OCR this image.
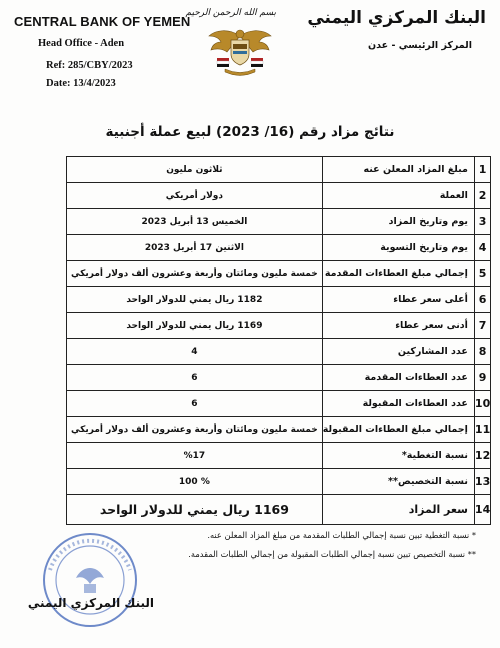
CENTRAL BANK OF YEMEN
Head Office - Aden
Ref: 285/CBY/2023
Date: 13/4/2023
البنك المركزي اليمني
المركز الرئيسي - عدن
بسم الله الرحمن الرحيم
نتائج مزاد رقم (16/ 2023) لبيع عملة أجنبية
1	مبلغ المزاد المعلن عنه	ثلاثون مليون
2	العملة	دولار أمريكي
3	يوم وتاريخ المزاد	الخميس 13 أبريل 2023
4	يوم وتاريخ التسوية	الاثنين 17 أبريل 2023
5	إجمالي مبلغ العطاءات المقدمة	خمسة مليون ومائتان وأربعة وعشرون ألف دولار أمريكي
6	أعلى سعر عطاء	1182 ريال يمني للدولار الواحد
7	أدنى سعر عطاء	1169 ريال يمني للدولار الواحد
8	عدد المشاركين	4
9	عدد العطاءات المقدمة	6
10	عدد العطاءات المقبولة	6
11	إجمالي مبلغ العطاءات المقبولة	خمسة مليون ومائتان وأربعة وعشرون ألف دولار أمريكي
12	نسبة التغطية*	%17
13	نسبة التخصيص**	% 100
14	سعر المزاد	1169 ريال يمني للدولار الواحد
* نسبة التغطية تبين نسبة إجمالي الطلبات المقدمة من مبلغ المزاد المعلن عنه.
** نسبة التخصيص تبين نسبة إجمالي الطلبات المقبولة من إجمالي الطلبات المقدمة.
البنك المركزي اليمني
